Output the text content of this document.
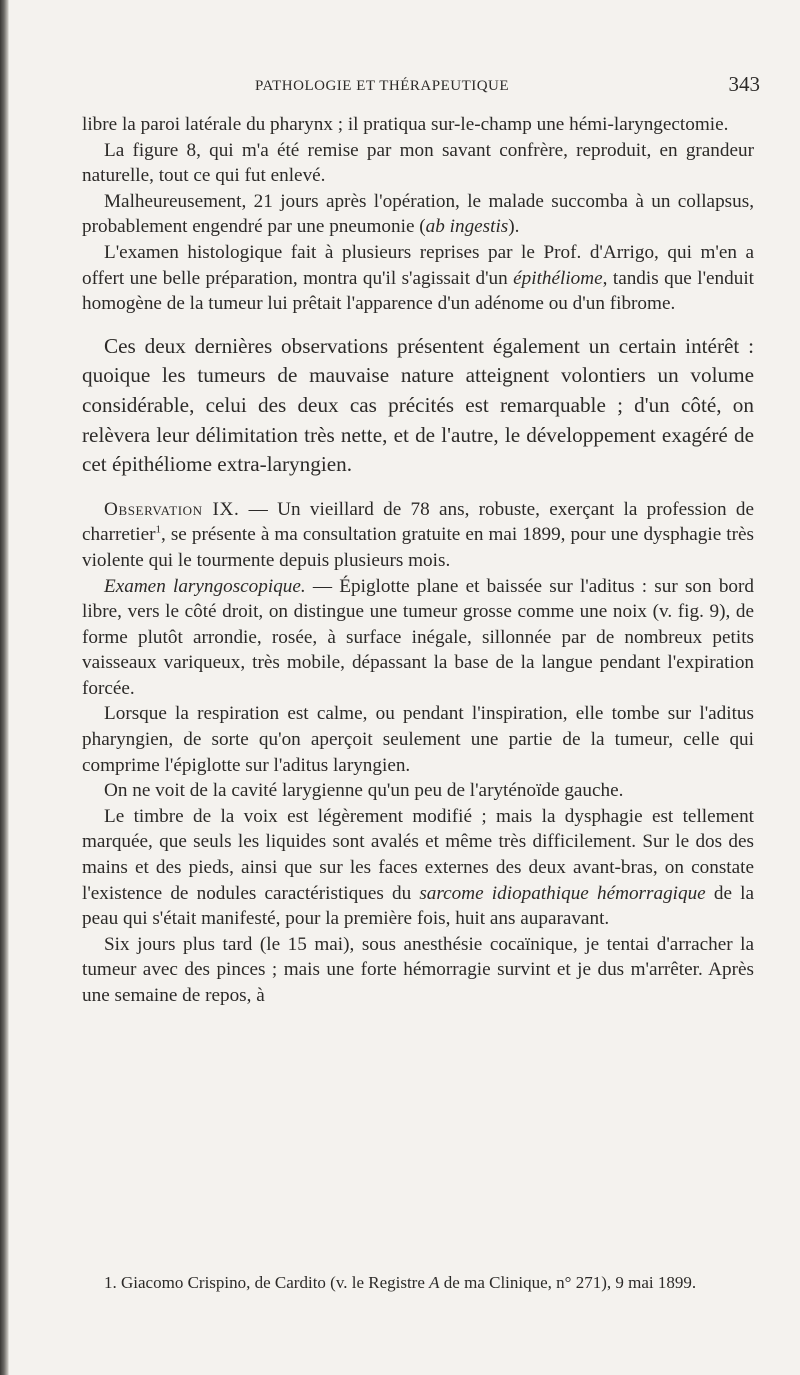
PATHOLOGIE ET THÉRAPEUTIQUE	343

libre la paroi latérale du pharynx ; il pratiqua sur-le-champ une hémi-laryngectomie.

La figure 8, qui m'a été remise par mon savant confrère, reproduit, en grandeur naturelle, tout ce qui fut enlevé.

Malheureusement, 21 jours après l'opération, le malade succomba à un collapsus, probablement engendré par une pneumonie (ab ingestis).

L'examen histologique fait à plusieurs reprises par le Prof. d'Arrigo, qui m'en a offert une belle préparation, montra qu'il s'agissait d'un épithéliome, tandis que l'enduit homogène de la tumeur lui prêtait l'apparence d'un adénome ou d'un fibrome.

Ces deux dernières observations présentent également un certain intérêt : quoique les tumeurs de mauvaise nature atteignent volontiers un volume considérable, celui des deux cas précités est remarquable ; d'un côté, on relèvera leur délimitation très nette, et de l'autre, le développement exagéré de cet épithéliome extra-laryngien.

Observation IX. — Un vieillard de 78 ans, robuste, exerçant la profession de charretier$^1$, se présente à ma consultation gratuite en mai 1899, pour une dysphagie très violente qui le tourmente depuis plusieurs mois.

Examen laryngoscopique. — Épiglotte plane et baissée sur l'aditus : sur son bord libre, vers le côté droit, on distingue une tumeur grosse comme une noix (v. fig. 9), de forme plutôt arrondie, rosée, à surface inégale, sillonnée par de nombreux petits vaisseaux variqueux, très mobile, dépassant la base de la langue pendant l'expiration forcée.

Lorsque la respiration est calme, ou pendant l'inspiration, elle tombe sur l'aditus pharyngien, de sorte qu'on aperçoit seulement une partie de la tumeur, celle qui comprime l'épiglotte sur l'aditus laryngien.

On ne voit de la cavité larygienne qu'un peu de l'aryténoïde gauche.

Le timbre de la voix est légèrement modifié ; mais la dysphagie est tellement marquée, que seuls les liquides sont avalés et même très difficilement. Sur le dos des mains et des pieds, ainsi que sur les faces externes des deux avant-bras, on constate l'existence de nodules caractéristiques du sarcome idiopathique hémorragique de la peau qui s'était manifesté, pour la première fois, huit ans auparavant.

Six jours plus tard (le 15 mai), sous anesthésie cocaïnique, je tentai d'arracher la tumeur avec des pinces ; mais une forte hémorragie survint et je dus m'arrêter. Après une semaine de repos, à

1. Giacomo Crispino, de Cardito (v. le Registre A de ma Clinique, n° 271), 9 mai 1899.
